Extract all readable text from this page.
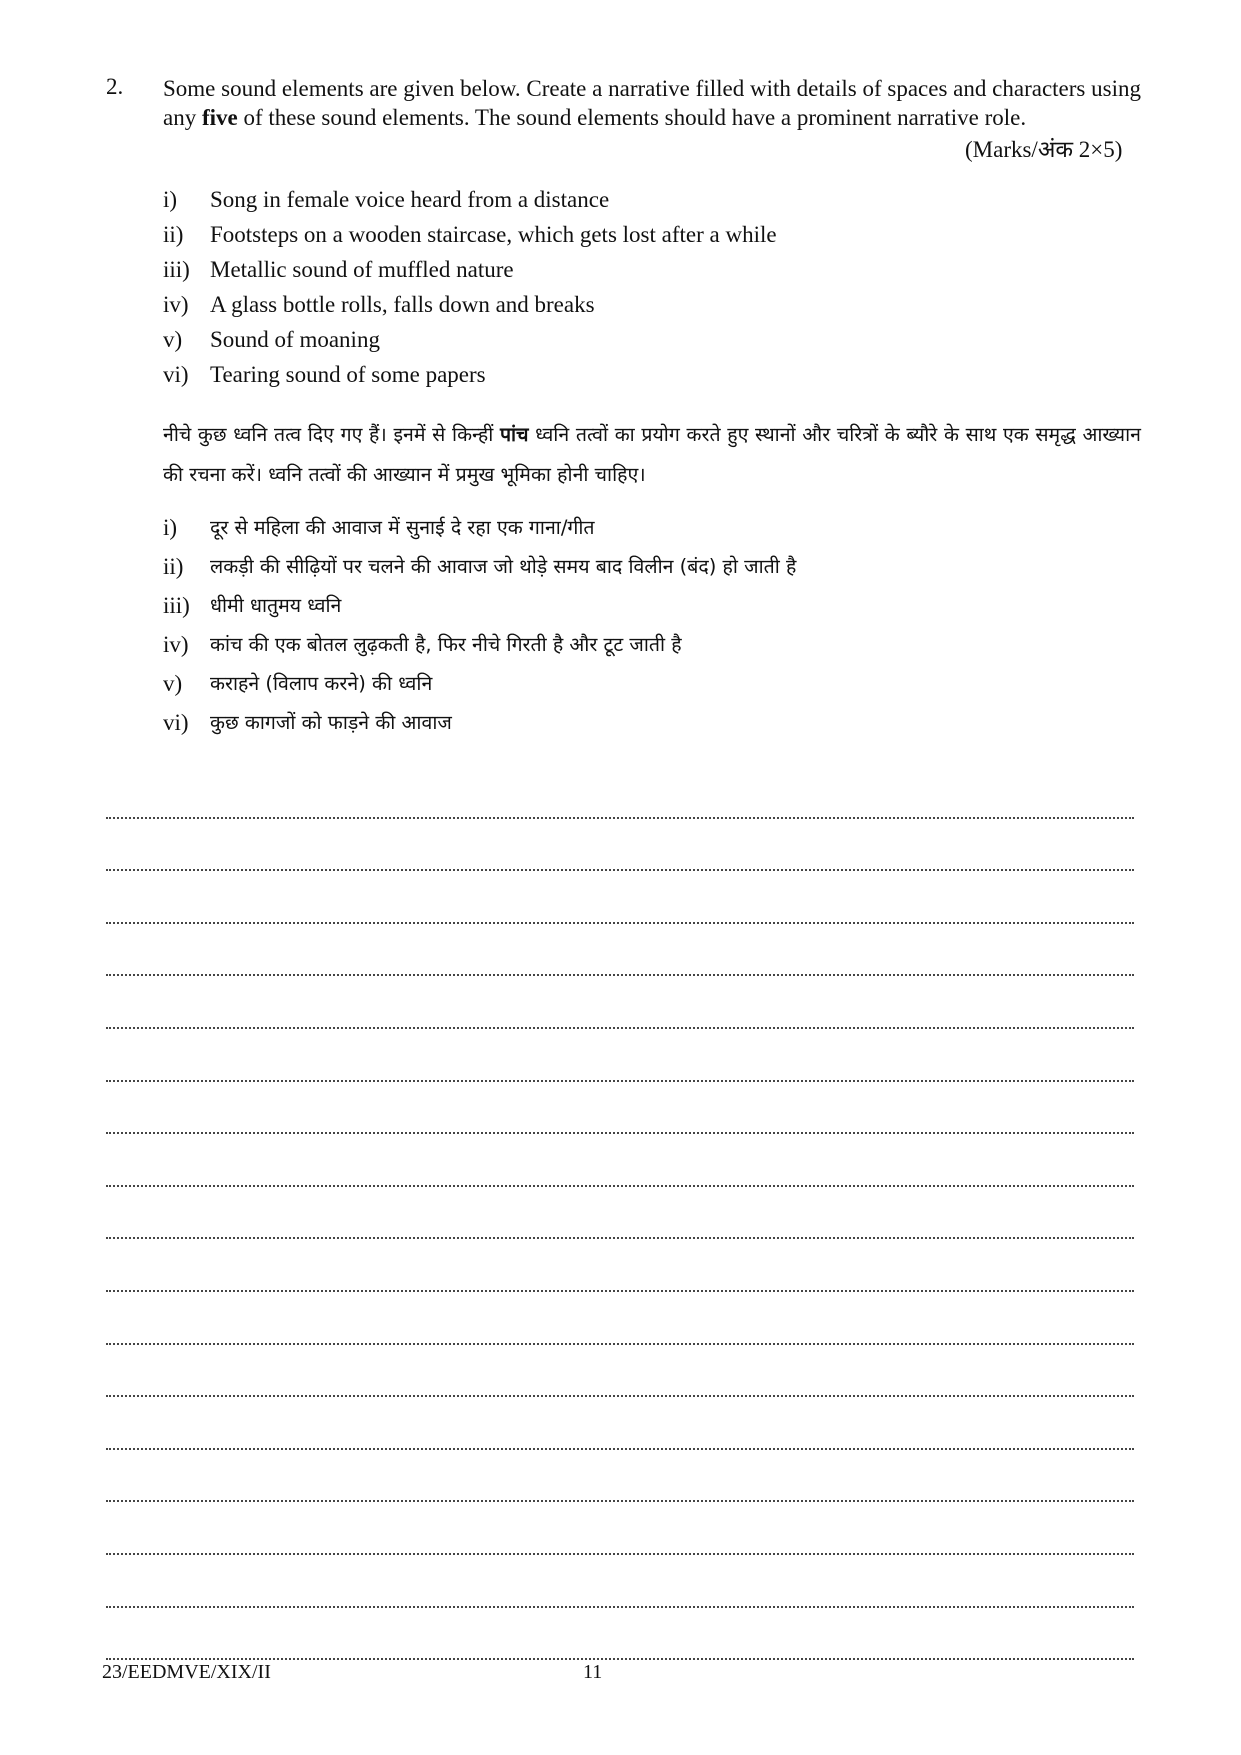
2. Some sound elements are given below. Create a narrative filled with details of spaces and characters using any five of these sound elements. The sound elements should have a prominent narrative role.
(Marks/अंक 2×5)
i)	Song in female voice heard from a distance
ii)	Footsteps on a wooden staircase, which gets lost after a while
iii) Metallic sound of muffled nature
iv) A glass bottle rolls, falls down and breaks
v)	Sound of moaning
vi) Tearing sound of some papers
नीचे कुछ ध्वनि तत्व दिए गए हैं। इनमें से किन्हीं पांच ध्वनि तत्वों का प्रयोग करते हुए स्थानों और चरित्रों के ब्यौरे के साथ एक समृद्ध आख्यान की रचना करें। ध्वनि तत्वों की आख्यान में प्रमुख भूमिका होनी चाहिए।
i)	दूर से महिला की आवाज में सुनाई दे रहा एक गाना/गीत
ii)	लकड़ी की सीढ़ियों पर चलने की आवाज जो थोड़े समय बाद विलीन (बंद) हो जाती है
iii)	धीमी धातुमय ध्वनि
iv)	कांच की एक बोतल लुढ़कती है, फिर नीचे गिरती है और टूट जाती है
v)	कराहने (विलाप करने) की ध्वनि
vi)	कुछ कागजों को फाड़ने की आवाज
23/EEDMVE/XIX/II	11
